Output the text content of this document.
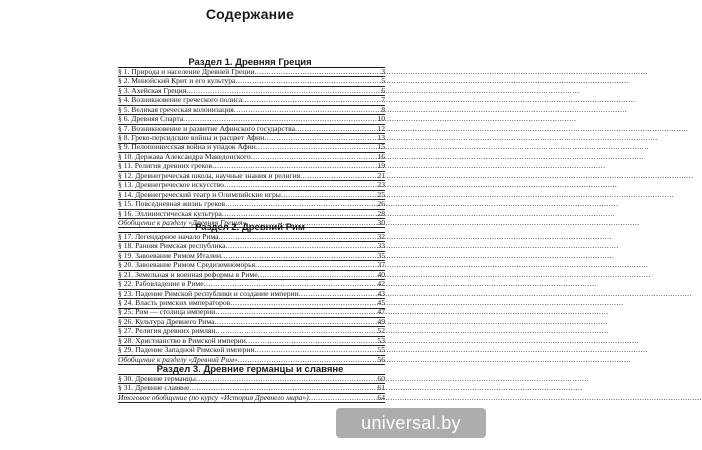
Содержание
Раздел 1. Древняя Греция
§ 1. Природа и население Древней Греции .....	3
§ 2. Минойский Крит и его культура .....	5
§ 3. Ахейская Греция .....	6
§ 4. Возникновение греческого полиса .....	7
§ 5. Великая греческая колонизация .....	8
§ 6. Древняя Спарта .....	10
§ 7. Возникновение и развитие Афинского государства .....	12
§ 8. Греко-персидские войны и расцвет Афин .....	13
§ 9. Пелопоннесская война и упадок Афин .....	15
§ 10. Держава Александра Македонского .....	16
§ 11. Религия древних греков .....	19
§ 12. Древнегреческая школа, научные знания и религия .....	21
§ 13. Древнегреческое искусство .....	23
§ 14. Древнегреческий театр и Олимпийские игры .....	25
§ 15. Повседневная жизнь греков .....	26
§ 16. Эллинистическая культура .....	28
Обобщение к разделу «Древняя Греция» .....	30
Раздел 2. Древний Рим
§ 17. Легендарное начало Рима .....	32
§ 18. Ранняя Римская республика .....	33
§ 19. Завоевание Римом Италии .....	35
§ 20. Завоевание Римом Средиземноморья .....	37
§ 21. Земельная и военная реформы в Риме .....	40
§ 22. Рабовладение в Риме .....	42
§ 23. Падение Римской республики и создание империи .....	43
§ 24. Власть римских императоров .....	45
§ 25. Рим — столица империи .....	47
§ 26. Культура Древнего Рима .....	49
§ 27. Религия древних римлян .....	52
§ 28. Христианство в Римской империи .....	53
§ 29. Падение Западной Римской империи .....	55
Обобщение к разделу «Древний Рим» .....	56
Раздел 3. Древние германцы и славяне
§ 30. Древние германцы .....	60
§ 31. Древние славяне .....	61
Итоговое обобщение (по курсу «История Древнего мира») .....	64
universal.by
